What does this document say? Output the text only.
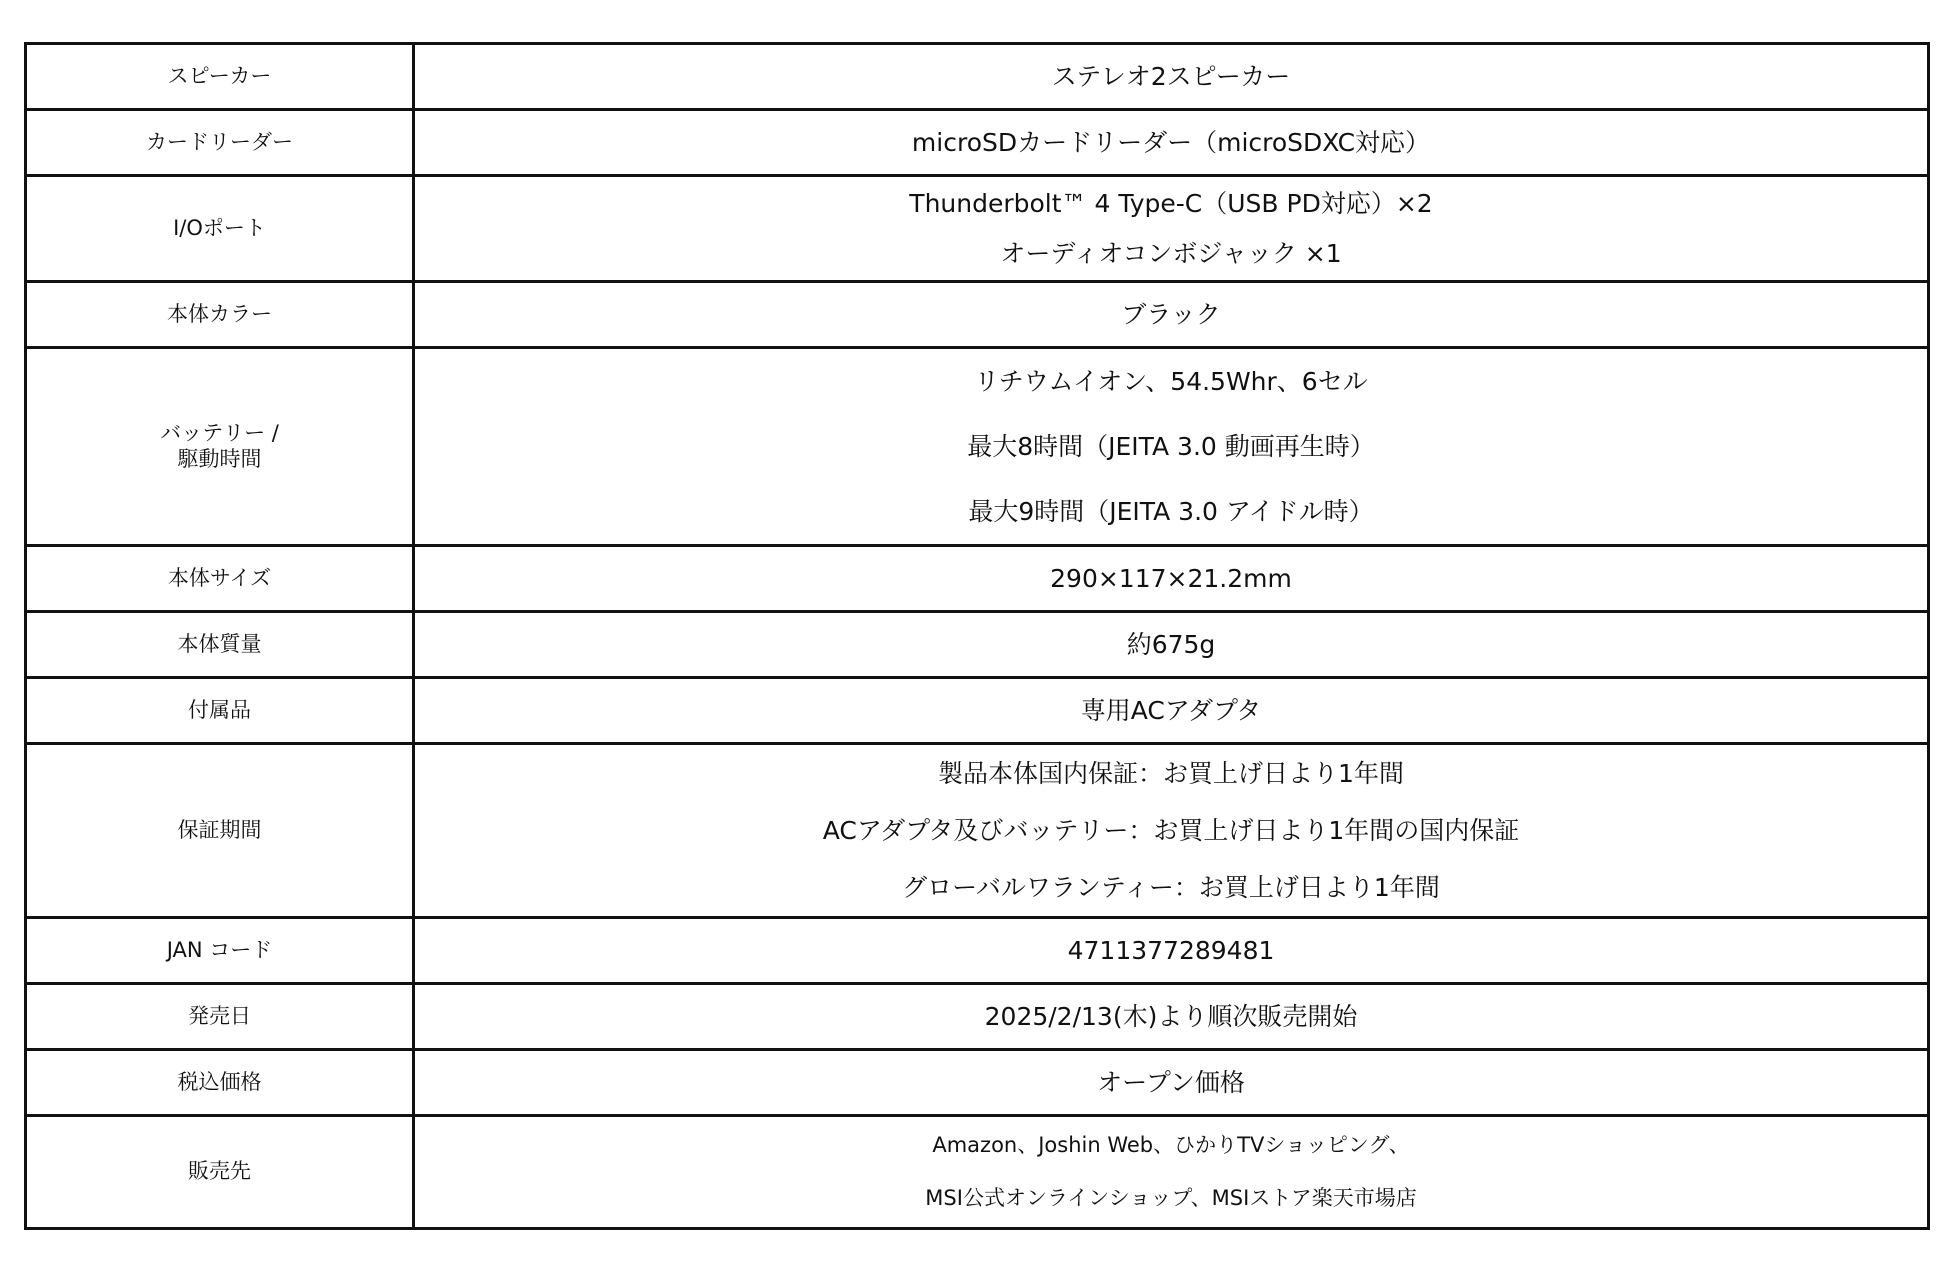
スピーカー	ステレオ2スピーカー
カードリーダー	microSDカードリーダー（microSDXC対応）
I/Oポート	Thunderbolt™ 4 Type-C（USB PD対応）×2
オーディオコンボジャック ×1

本体カラー	ブラック

バッテリー /
駆動時間	リチウムイオン、54.5Whr、6セル
最大8時間（JEITA 3.0 動画再生時）
最大9時間（JEITA 3.0 アイドル時）

本体サイズ	290×117×21.2mm
本体質量	約675g
付属品	専用ACアダプタ
保証期間	製品本体国内保証：お買上げ日より1年間
ACアダプタ及びバッテリー：お買上げ日より1年間の国内保証
グローバルワランティー：お買上げ日より1年間

JAN コード	4711377289481
発売日	2025/2/13(木)より順次販売開始
税込価格	オープン価格
販売先	Amazon、Joshin Web、ひかりTVショッピング、
MSI公式オンラインショップ、MSIストア楽天市場店
